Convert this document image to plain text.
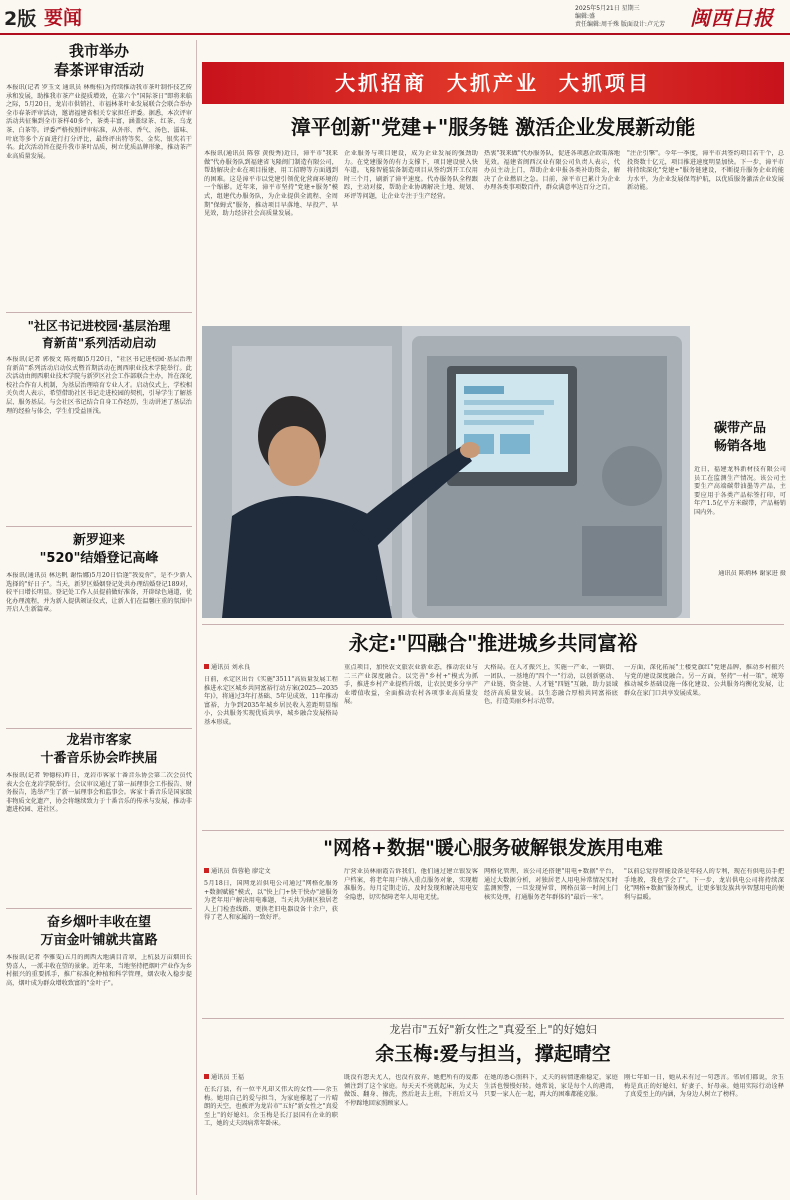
2版 要闻	2025年5月21日 星期三
编辑:盛
责任编辑:周千殊 版面设计:卢元芳	闽西日报
我市举办
春茶评审活动
本报讯(记者 罗玉文 通讯员 林梅桂)为持续推动我市茶叶制作技艺传承和发展，助推我市茶产业提质增效，在第六个"国际茶日"即将来临之际，5月20日，龙岩市供销社、市福林茶叶业发展联合会联合举办全市春茶评审活动，邀请福建省相关专家担任评委。据悉，本次评审活动共征集到全市茶样40多个，茶类丰富，涵盖绿茶、红茶、乌龙茶、白茶等。评委严格按照评审标准，从外形、香气、汤色、滋味、叶底等多个方面进行打分评比，最终评出特等奖、金奖、银奖若干名。此次活动旨在提升我市茶叶品质，树立优质品牌形象，推动茶产业高质量发展。
"社区书记进校园·基层治理
育新苗"系列活动启动
本报讯(记者 郭俊文 陈亮耀)5月20日，"社区书记进校园·基层治理育新苗"系列活动启动仪式暨首期活动在闽西职业技术学院举行。此次活动由闽西职业技术学院与新罗区社会工作部联合主办，旨在深化校社合作育人机制，为基层治理培育专业人才。启动仪式上，学校相关负责人表示，希望借助社区书记走进校园的契机，引导学生了解基层、服务基层。与会社区书记结合自身工作经历，生动讲述了基层治理的经验与体会，学生们受益匪浅。
新罗迎来
"520"结婚登记高峰
本报讯(通讯员 林达帆 谢怡娜)5月20日恰逢"我爱你"，是不少新人选择的"好日子"。当天，新罗区婚姻登记处共办理结婚登记189对，较平日增长明显。登记处工作人员提前做好准备，开辟绿色通道，优化办理流程，并为新人提供颁证仪式，让新人们在温馨庄重的氛围中开启人生新篇章。
龙岩市客家
十番音乐协会昨挟届
本报讯(记者 钟德标)昨日，龙岩市客家十番音乐协会第二次会员代表大会在龙岩学院举行。会议审议通过了第一届理事会工作报告、财务报告，选举产生了新一届理事会和监事会。客家十番音乐是国家级非物质文化遗产，协会将继续致力于十番音乐的传承与发展，推动非遗进校园、进社区。
奋乡烟叶丰收在望
万亩金叶铺就共富路
本报讯(记者 李雅雯)五月的闽西大地满目青翠，上杭县万亩烟田长势喜人，一派丰收在望的景象。近年来，当地坚持把烟叶产业作为乡村振兴的重要抓手，推广标准化种植和科学管理，烟农收入稳步提高，烟叶成为群众增收致富的"金叶子"。
大抓招商  大抓产业  大抓项目
漳平创新"党建+"服务链 激活企业发展新动能
本报讯(通讯员 陈蓉 黄俊秀)近日，漳平市"我来做"代办服务队到福建省飞隆闽门制造有限公司，帮助解决企业在项目报建、用工招聘等方面遇到的困难。这是漳平市以党建引领优化营商环境的一个缩影。近年来，漳平市坚持"党建+服务"模式，组建代办服务队，为企业提供全流程、全周期"保姆式"服务，推动项目早落地、早投产、早见效，助力经济社会高质量发展。
企业服务与项目建设，成为企业发展的强劲助力。在党建服务的有力支撑下，项目建设驶入快车道。飞隆智能装备制造项目从签约到开工仅用时三个月，刷新了漳平速度。代办服务队全程跟踪，主动对接，帮助企业协调解决土地、规划、环评等问题，让企业专注于生产经营。
热衷"我来做"代办服务队，促进各项惠企政策落地见效。福建省闽西汉业有限公司负责人表示，代办员主动上门，帮助企业申报各类补助资金，解决了企业燃眉之急。目前，漳平市已累计为企业办理各类事项数百件，群众满意率达百分之百。
"注企引擎"。今年一季度，漳平市共签约项目若干个，总投资数十亿元，项目推进速度明显加快。下一步，漳平市将持续深化"党建+"服务链建设，不断提升服务企业的能力水平，为企业发展保驾护航，以优质服务激活企业发展新动能。
碳带产品
畅销各地
近日，福建龙科新材技有限公司员工在监测生产情况。该公司主要生产高端碳带油墨等产品，主要应用于各类产品标签打印，可年产1.5亿平方米碳带，产品畅销国内外。
通讯员 陈炳林 谢家进 摄
永定:"四融合"推进城乡共同富裕
通讯员 刘永良
日前，永定区出台《实施"3511"高质量发展工程推进永定区城乡共同富裕行动方案(2025—2035年)》，将通过3年打基础、5年见成效、11年推动富裕，力争到2035年城乡居民收入差距明显缩小，公共服务实现优质共享，城乡融合发展格局基本形成。
重点项目，加快农文旅农业新业态，推动农业与二三产业深度融合。以完善"乡村+"模式为抓手，推进乡村产业提档升级，让农民更多分享产业增值收益，全面推动农村各项事业高质量发展。
大格局。在人才振兴上，实施一产业、一镇街、一团队、一基地的"四个一"行动，以创新驱动、产业链、资金链、人才链"四链"互融，助力县域经济高质量发展。以生态融合厚植共同富裕底色，打造美丽乡村示范带。
一方面，深化拓展"土楼党旗红"党建品牌，推动乡村振兴与党的建设深度融合。另一方面，坚持"一村一策"，统筹推动城乡基础设施一体化建设、公共服务均衡化发展，让群众在家门口共享发展成果。
"网格+数据"暖心服务破解银发族用电难
通讯员 詹蓉艳 廖定文
5月18日，国网龙岩供电公司通过"网格化服务+数据赋能"模式，以"快上门+快干快办"速服务为老年用户解决用电难题，当天共为辖区独居老人上门检查线路、更换老旧电器设备十余户，获得了老人和家属的一致好评。
厅营业员林丽霞告诉我们，他们通过建立银发客户档案，将老年用户纳入重点服务对象，实现精准服务。每月定期走访，及时发现和解决用电安全隐患，切实保障老年人用电无忧。
网格化管理，该公司还搭建"用电+数据"平台，通过大数据分析，对独居老人用电异常情况实时监测预警，一旦发现异常，网格员第一时间上门核实处理，打通服务老年群体的"最后一米"。
"以前总觉得智能设备是年轻人的专利，现在有供电员手把手地教，我也学会了"。下一步，龙岩供电公司将持续深化"网格+数据"服务模式，让更多银发族共享智慧用电的便利与温暖。
龙岩市"五好"新女性之"真爱至上"的好媳妇
余玉梅:爱与担当，撑起晴空
通讯员 王福
在长汀县，有一位平凡却又伟大的女性——余玉梅。她用自己的爱与担当，为家庭撑起了一片晴朗的天空，也被评为龙岩市"五好"新女性之"真爱至上"的好媳妇。余玉梅是长汀县国有企业的职工，她的丈夫因病常年卧床。
既没有怨天尤人，也没有放弃，她把所有的爱都倾注到了这个家庭。每天天不亮就起床，为丈夫做饭、翻身、擦洗，然后赶去上班，下班后又马不停蹄地回家照顾家人。
在她的悉心照料下，丈夫的病情逐渐稳定，家庭生活也慢慢好转。她常说，家是每个人的港湾，只要一家人在一起，再大的困难都能克服。
刚七年如一日，她从未有过一句怨言。邻居们都说，余玉梅是真正的好媳妇、好妻子、好母亲。她用实际行动诠释了真爱至上的内涵，为身边人树立了榜样。
